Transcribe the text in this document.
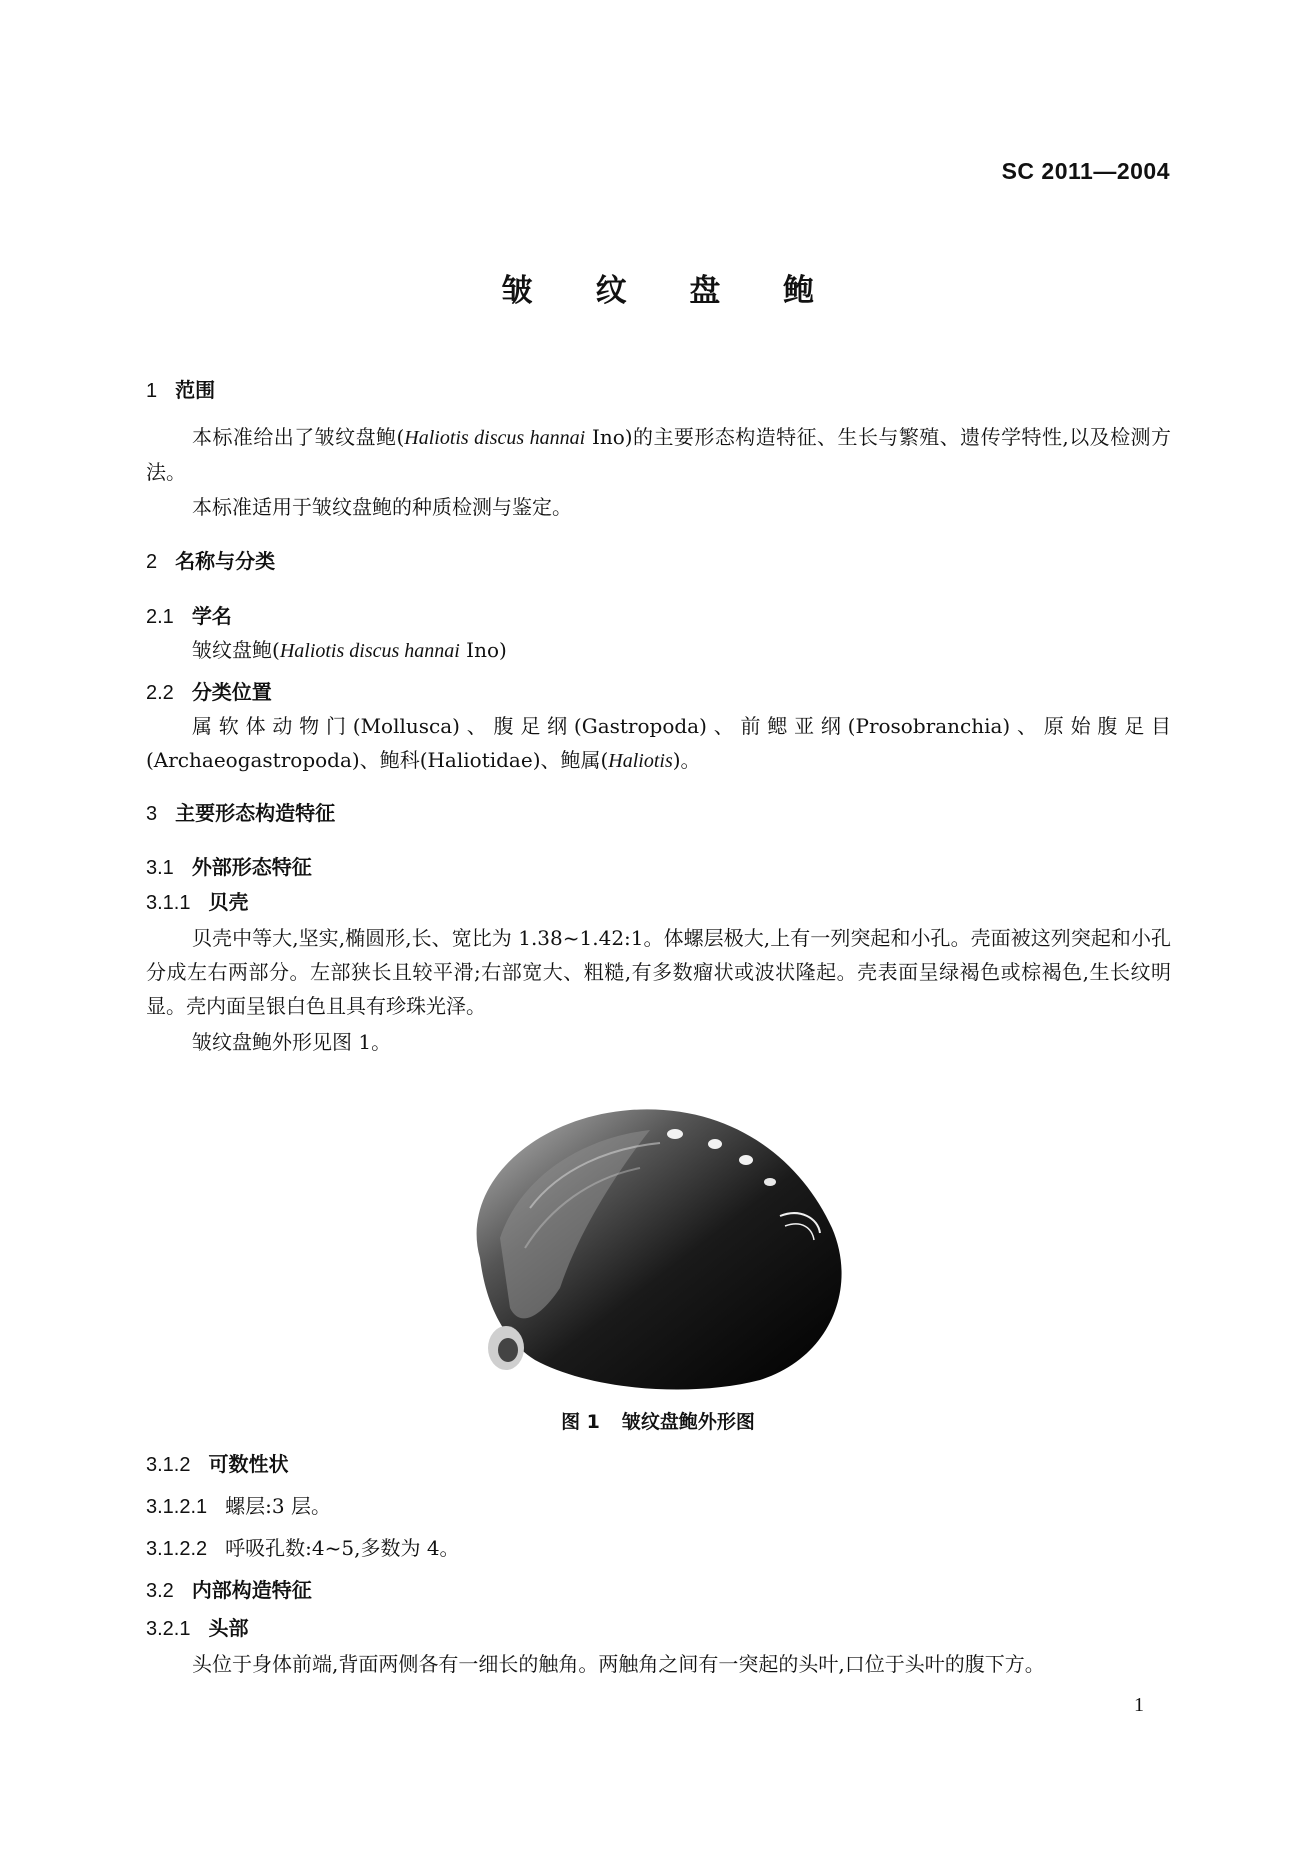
SC 2011—2004
皱 纹 盘 鲍
1 范围
本标准给出了皱纹盘鲍(Haliotis discus hannai Ino)的主要形态构造特征、生长与繁殖、遗传学特性,以及检测方法。
本标准适用于皱纹盘鲍的种质检测与鉴定。
2 名称与分类
2.1 学名
皱纹盘鲍(Haliotis discus hannai Ino)
2.2 分类位置
属软体动物门(Mollusca)、腹足纲(Gastropoda)、前鳃亚纲(Prosobranchia)、原始腹足目(Archaeogastropoda)、鲍科(Haliotidae)、鲍属(Haliotis)。
3 主要形态构造特征
3.1 外部形态特征
3.1.1 贝壳
贝壳中等大,坚实,椭圆形,长、宽比为 1.38~1.42:1。体螺层极大,上有一列突起和小孔。壳面被这列突起和小孔分成左右两部分。左部狭长且较平滑;右部宽大、粗糙,有多数瘤状或波状隆起。壳表面呈绿褐色或棕褐色,生长纹明显。壳内面呈银白色且具有珍珠光泽。
皱纹盘鲍外形见图 1。
图 1 皱纹盘鲍外形图
3.1.2 可数性状
3.1.2.1 螺层:3 层。
3.1.2.2 呼吸孔数:4~5,多数为 4。
3.2 内部构造特征
3.2.1 头部
头位于身体前端,背面两侧各有一细长的触角。两触角之间有一突起的头叶,口位于头叶的腹下方。
1
